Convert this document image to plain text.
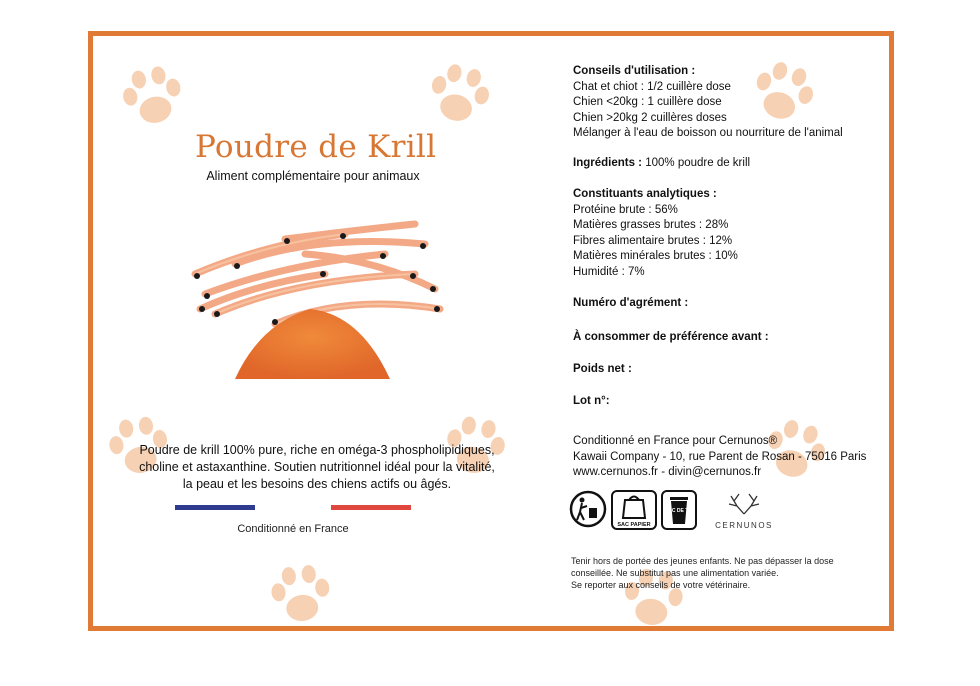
Poudre de Krill
Aliment complémentaire pour animaux
Poudre de krill 100% pure, riche en oméga-3 phospholipidiques,
choline et astaxanthine. Soutien nutritionnel idéal pour la vitalité,
la peau et les besoins des chiens actifs ou âgés.
Conditionné en France
Conseils d'utilisation :
Chat et chiot : 1/2 cuillère dose
Chien <20kg : 1 cuillère dose
Chien >20kg 2 cuillères doses
Mélanger à l'eau de boisson ou nourriture de l'animal
Ingrédients : 100% poudre de krill
Constituants analytiques :
Protéine brute : 56%
Matières grasses brutes : 28%
Fibres alimentaire brutes : 12%
Matières minérales brutes : 10%
Humidité : 7%
Numéro d'agrément :
À consommer de préférence avant :
Poids net :
Lot n°:
Conditionné en France pour Cernunos®
Kawaii Company - 10, rue Parent de Rosan - 75016 Paris
www.cernunos.fr - divin@cernunos.fr
SAC PAPIER
BAC DE TRI
CERNUNOS
Tenir hors de portée des jeunes enfants. Ne pas dépasser la dose
conseillée. Ne substitut pas une alimentation variée.
Se reporter aux conseils de votre vétérinaire.
